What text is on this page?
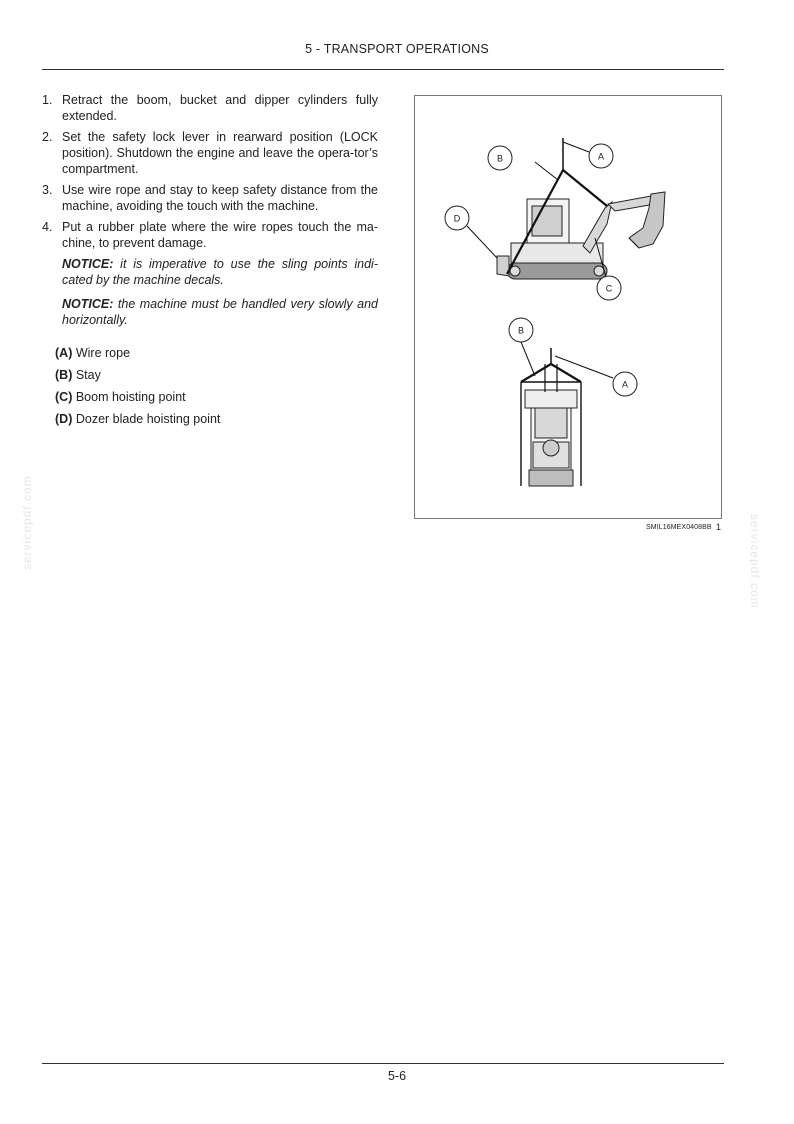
5 - TRANSPORT OPERATIONS
1. Retract the boom, bucket and dipper cylinders fully extended.
2. Set the safety lock lever in rearward position (LOCK position). Shutdown the engine and leave the opera-tor’s compartment.
3. Use wire rope and stay to keep safety distance from the machine, avoiding the touch with the machine.
4. Put a rubber plate where the wire ropes touch the ma-chine, to prevent damage.
NOTICE: it is imperative to use the sling points indi-cated by the machine decals.
NOTICE: the machine must be handled very slowly and horizontally.
(A) Wire rope
(B) Stay
(C) Boom hoisting point
(D) Dozer blade hoisting point
A
B
D
C
B
A
SMIL16MEX0408BB 1
servicepdf.com	servicepdf.com
5-6
